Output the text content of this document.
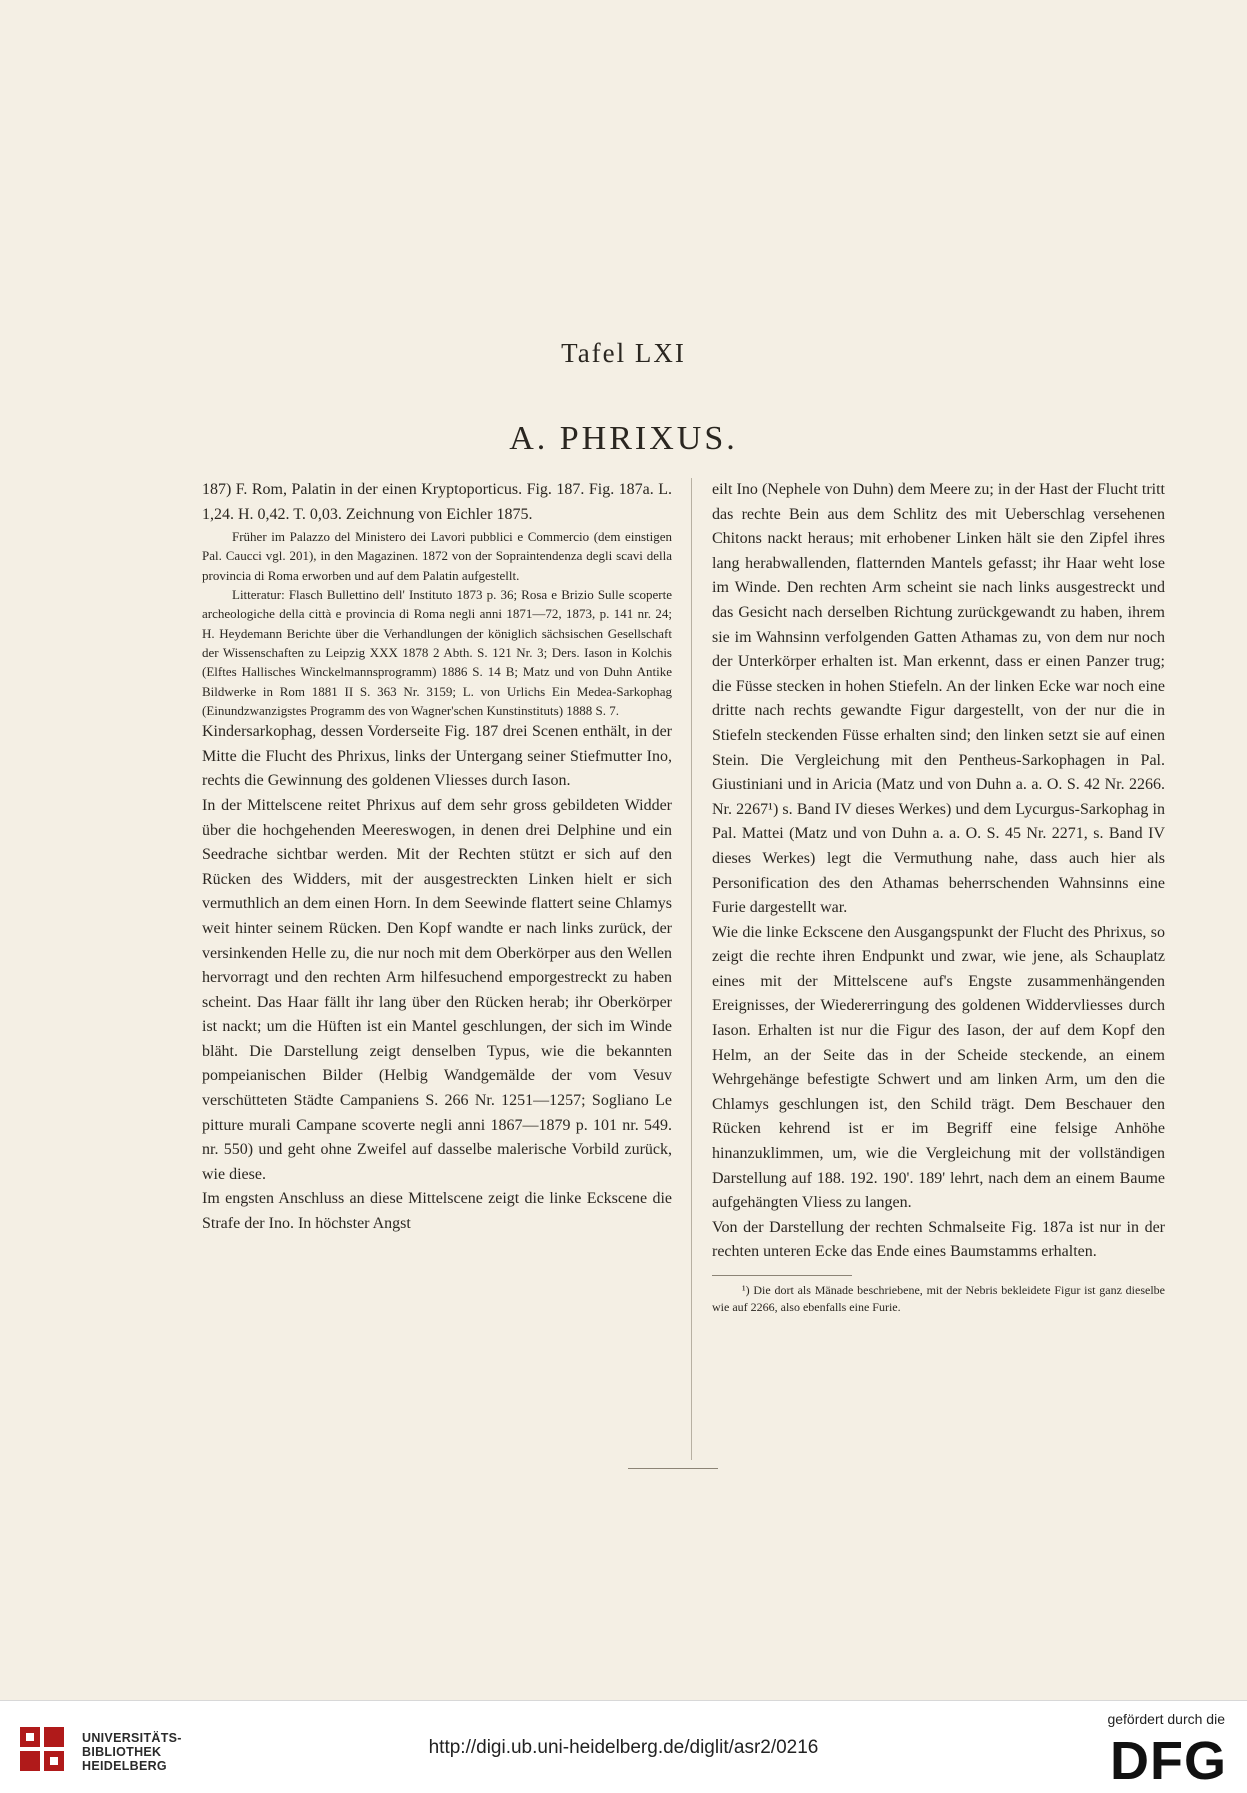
Tafel LXI
A. PHRIXUS.

187) F. Rom, Palatin in der einen Kryptoporticus. Fig. 187. Fig. 187a. L. 1,24. H. 0,42. T. 0,03. Zeichnung von Eichler 1875.

Früher im Palazzo del Ministero dei Lavori pubblici e Commercio (dem einstigen Pal. Caucci vgl. 201), in den Magazinen. 1872 von der Sopraintendenza degli scavi della provincia di Roma erworben und auf dem Palatin aufgestellt.

Litteratur: Flasch Bullettino dell' Instituto 1873 p. 36; Rosa e Brizio Sulle scoperte archeologiche della città e provincia di Roma negli anni 1871—72, 1873, p. 141 nr. 24; H. Heydemann Berichte über die Verhandlungen der königlich sächsischen Gesellschaft der Wissenschaften zu Leipzig XXX 1878 2 Abth. S. 121 Nr. 3; Ders. Iason in Kolchis (Elftes Hallisches Winckelmannsprogramm) 1886 S. 14 B; Matz und von Duhn Antike Bildwerke in Rom 1881 II S. 363 Nr. 3159; L. von Urlichs Ein Medea-Sarkophag (Einundzwanzigstes Programm des von Wagner'schen Kunstinstituts) 1888 S. 7.

Kindersarkophag, dessen Vorderseite Fig. 187 drei Scenen enthält, in der Mitte die Flucht des Phrixus, links der Untergang seiner Stiefmutter Ino, rechts die Gewinnung des goldenen Vliesses durch Iason.

In der Mittelscene reitet Phrixus auf dem sehr gross gebildeten Widder über die hochgehenden Meereswogen, in denen drei Delphine und ein Seedrache sichtbar werden. Mit der Rechten stützt er sich auf den Rücken des Widders, mit der ausgestreckten Linken hielt er sich vermuthlich an dem einen Horn. In dem Seewinde flattert seine Chlamys weit hinter seinem Rücken. Den Kopf wandte er nach links zurück, der versinkenden Helle zu, die nur noch mit dem Oberkörper aus den Wellen hervorragt und den rechten Arm hilfesuchend emporgestreckt zu haben scheint. Das Haar fällt ihr lang über den Rücken herab; ihr Oberkörper ist nackt; um die Hüften ist ein Mantel geschlungen, der sich im Winde bläht. Die Darstellung zeigt denselben Typus, wie die bekannten pompeianischen Bilder (Helbig Wandgemälde der vom Vesuv verschütteten Städte Campaniens S. 266 Nr. 1251—1257; Sogliano Le pitture murali Campane scoverte negli anni 1867—1879 p. 101 nr. 549. nr. 550) und geht ohne Zweifel auf dasselbe malerische Vorbild zurück, wie diese.

Im engsten Anschluss an diese Mittelscene zeigt die linke Eckscene die Strafe der Ino. In höchster Angst

eilt Ino (Nephele von Duhn) dem Meere zu; in der Hast der Flucht tritt das rechte Bein aus dem Schlitz des mit Ueberschlag versehenen Chitons nackt heraus; mit erhobener Linken hält sie den Zipfel ihres lang herabwallenden, flatternden Mantels gefasst; ihr Haar weht lose im Winde. Den rechten Arm scheint sie nach links ausgestreckt und das Gesicht nach derselben Richtung zurückgewandt zu haben, ihrem sie im Wahnsinn verfolgenden Gatten Athamas zu, von dem nur noch der Unterkörper erhalten ist. Man erkennt, dass er einen Panzer trug; die Füsse stecken in hohen Stiefeln. An der linken Ecke war noch eine dritte nach rechts gewandte Figur dargestellt, von der nur die in Stiefeln steckenden Füsse erhalten sind; den linken setzt sie auf einen Stein. Die Vergleichung mit den Pentheus-Sarkophagen in Pal. Giustiniani und in Aricia (Matz und von Duhn a. a. O. S. 42 Nr. 2266. Nr. 2267¹) s. Band IV dieses Werkes) und dem Lycurgus-Sarkophag in Pal. Mattei (Matz und von Duhn a. a. O. S. 45 Nr. 2271, s. Band IV dieses Werkes) legt die Vermuthung nahe, dass auch hier als Personification des den Athamas beherrschenden Wahnsinns eine Furie dargestellt war.

Wie die linke Eckscene den Ausgangspunkt der Flucht des Phrixus, so zeigt die rechte ihren Endpunkt und zwar, wie jene, als Schauplatz eines mit der Mittelscene auf's Engste zusammenhängenden Ereignisses, der Wiedererringung des goldenen Widdervliesses durch Iason. Erhalten ist nur die Figur des Iason, der auf dem Kopf den Helm, an der Seite das in der Scheide steckende, an einem Wehrgehänge befestigte Schwert und am linken Arm, um den die Chlamys geschlungen ist, den Schild trägt. Dem Beschauer den Rücken kehrend ist er im Begriff eine felsige Anhöhe hinanzuklimmen, um, wie die Vergleichung mit der vollständigen Darstellung auf 188. 192. 190'. 189' lehrt, nach dem an einem Baume aufgehängten Vliess zu langen.

Von der Darstellung der rechten Schmalseite Fig. 187a ist nur in der rechten unteren Ecke das Ende eines Baumstamms erhalten.

¹) Die dort als Mänade beschriebene, mit der Nebris bekleidete Figur ist ganz dieselbe wie auf 2266, also ebenfalls eine Furie.

UNIVERSITÄTS-
BIBLIOTHEK
HEIDELBERG
http://digi.ub.uni-heidelberg.de/diglit/asr2/0216
gefördert durch die
DFG
